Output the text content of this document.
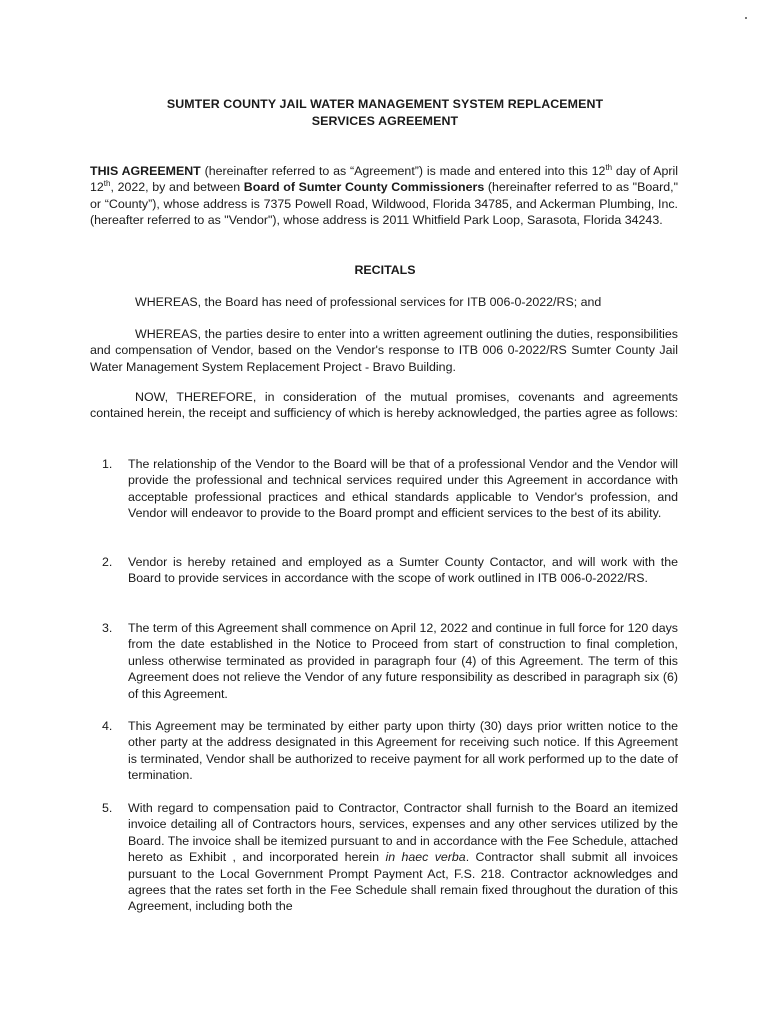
SUMTER COUNTY JAIL WATER MANAGEMENT SYSTEM REPLACEMENT
SERVICES AGREEMENT
THIS AGREEMENT (hereinafter referred to as “Agreement”) is made and entered into this 12th day of April 12th, 2022, by and between Board of Sumter County Commissioners (hereinafter referred to as "Board," or “County”), whose address is 7375 Powell Road, Wildwood, Florida 34785, and Ackerman Plumbing, Inc. (hereafter referred to as "Vendor"), whose address is 2011 Whitfield Park Loop, Sarasota, Florida 34243.
RECITALS
WHEREAS, the Board has need of professional services for ITB 006-0-2022/RS; and
WHEREAS, the parties desire to enter into a written agreement outlining the duties, responsibilities and compensation of Vendor, based on the Vendor's response to ITB 006 0-2022/RS Sumter County Jail Water Management System Replacement Project - Bravo Building.
NOW, THEREFORE, in consideration of the mutual promises, covenants and agreements contained herein, the receipt and sufficiency of which is hereby acknowledged, the parties agree as follows:
1.	The relationship of the Vendor to the Board will be that of a professional Vendor and the Vendor will provide the professional and technical services required under this Agreement in accordance with acceptable professional practices and ethical standards applicable to Vendor's profession, and Vendor will endeavor to provide to the Board prompt and efficient services to the best of its ability.
2.	Vendor is hereby retained and employed as a Sumter County Contactor, and will work with the Board to provide services in accordance with the scope of work outlined in ITB 006-0-2022/RS.
3.	The term of this Agreement shall commence on April 12, 2022 and continue in full force for 120 days from the date established in the Notice to Proceed from start of construction to final completion, unless otherwise terminated as provided in paragraph four (4) of this Agreement. The term of this Agreement does not relieve the Vendor of any future responsibility as described in paragraph six (6) of this Agreement.
4.	This Agreement may be terminated by either party upon thirty (30) days prior written notice to the other party at the address designated in this Agreement for receiving such notice. If this Agreement is terminated, Vendor shall be authorized to receive payment for all work performed up to the date of termination.
5.	With regard to compensation paid to Contractor, Contractor shall furnish to the Board an itemized invoice detailing all of Contractors hours, services, expenses and any other services utilized by the Board. The invoice shall be itemized pursuant to and in accordance with the Fee Schedule, attached hereto as Exhibit , and incorporated herein in haec verba. Contractor shall submit all invoices pursuant to the Local Government Prompt Payment Act, F.S. 218. Contractor acknowledges and agrees that the rates set forth in the Fee Schedule shall remain fixed throughout the duration of this Agreement, including both the
